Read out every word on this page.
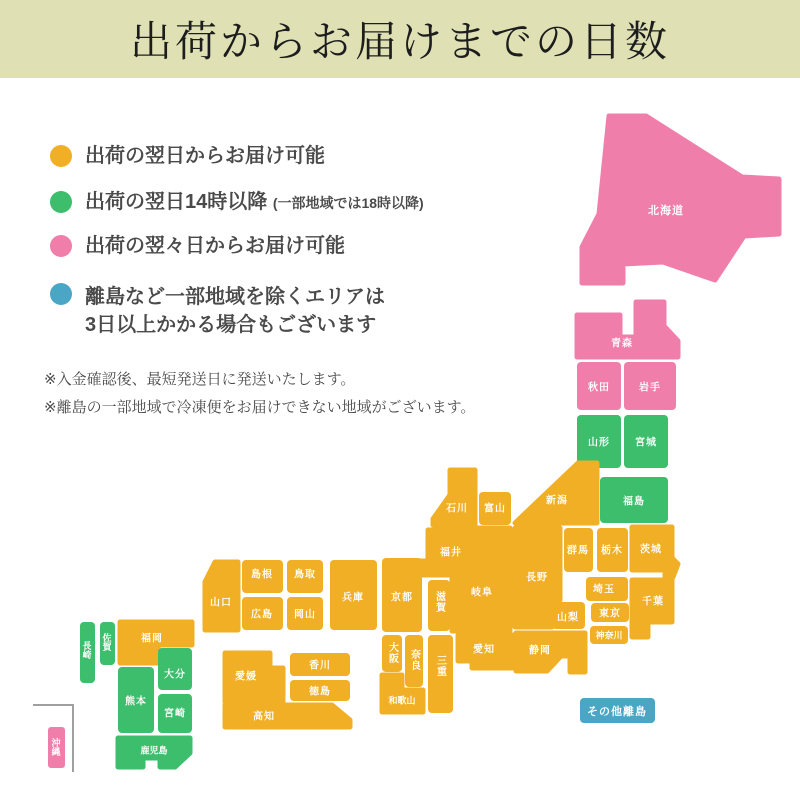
出荷からお届けまでの日数
出荷の翌日からお届け可能
出荷の翌日14時以降 (一部地域では18時以降)
出荷の翌々日からお届け可能
離島など一部地域を除くエリアは
3日以上かかる場合もございます
※入金確認後、最短発送日に発送いたします。
※離島の一部地域で冷凍便をお届けできない地域がございます。
北海道
青森
秋田	岩手
山形	宮城
福島
新潟
石川 富山
福井
長野
岐阜
群馬 栃木 茨城
埼玉
東京
神奈川
千葉
山梨
静岡
愛知
滋賀
京都
大阪 奈良
和歌山
三重
兵庫
鳥取
岡山
島根
広島
山口
香川
徳島
愛媛
高知
福岡
佐賀
長崎
熊本
大分
宮崎
鹿児島
沖縄
その他離島
